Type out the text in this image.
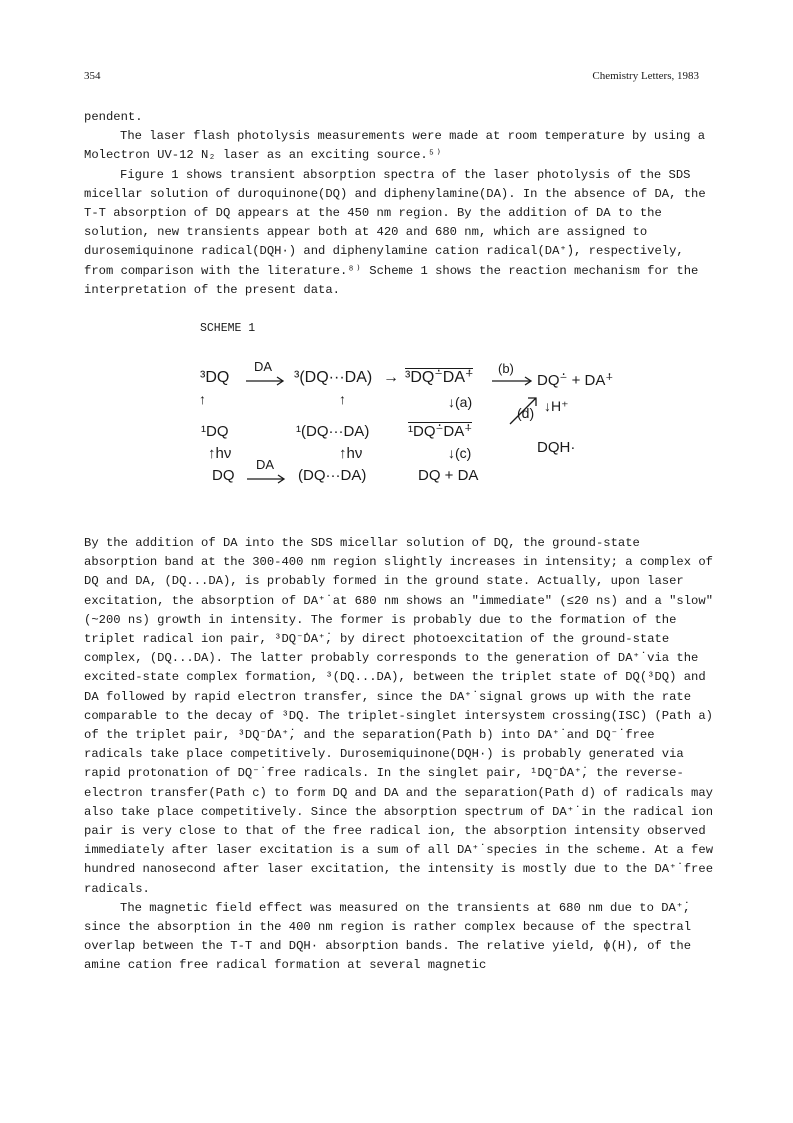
354	Chemistry Letters, 1983

pendent.

The laser flash photolysis measurements were made at room temperature by using a Molectron UV-12 N₂ laser as an exciting source.⁵⁾

Figure 1 shows transient absorption spectra of the laser photolysis of the SDS micellar solution of duroquinone(DQ) and diphenylamine(DA). In the absence of DA, the T-T absorption of DQ appears at the 450 nm region. By the addition of DA to the solution, new transients appear both at 420 and 680 nm, which are assigned to durosemiquinone radical(DQH·) and diphenylamine cation radical(DA⁺̇), respectively, from comparison with the literature.⁸⁾ Scheme 1 shows the reaction mechanism for the interpretation of the present data.

SCHEME 1
³DQ
DA
³(DQ···DA) → ³DQ⁻̇DA⁺̇
(b)
DQ⁻̇ + DA⁺̇
↑	↑	↓(a)
(d) ↓H⁺
¹DQ	¹(DQ···DA)	¹DQ⁻̇DA⁺̇
DQH·
↑hν	↑hν	↓(c)
DQ
DA
(DQ···DA)	DQ + DA

By the addition of DA into the SDS micellar solution of DQ, the ground-state absorption band at the 300-400 nm region slightly increases in intensity; a complex of DQ and DA, (DQ...DA), is probably formed in the ground state. Actually, upon laser excitation, the absorption of DA⁺̇ at 680 nm shows an "immediate" (≤20 ns) and a "slow" (~200 ns) growth in intensity. The former is probably due to the formation of the triplet radical ion pair, ³DQ⁻̇DA⁺̇, by direct photoexcitation of the ground-state complex, (DQ...DA). The latter probably corresponds to the generation of DA⁺̇ via the excited-state complex formation, ³(DQ...DA), between the triplet state of DQ(³DQ) and DA followed by rapid electron transfer, since the DA⁺̇ signal grows up with the rate comparable to the decay of ³DQ. The triplet-singlet intersystem crossing(ISC) (Path a) of the triplet pair, ³DQ⁻̇DA⁺̇, and the separation(Path b) into DA⁺̇ and DQ⁻̇ free radicals take place competitively. Durosemiquinone(DQH·) is probably generated via rapid protonation of DQ⁻̇ free radicals. In the singlet pair, ¹DQ⁻̇DA⁺̇, the reverse-electron transfer(Path c) to form DQ and DA and the separation(Path d) of radicals may also take place competitively. Since the absorption spectrum of DA⁺̇ in the radical ion pair is very close to that of the free radical ion, the absorption intensity observed immediately after laser excitation is a sum of all DA⁺̇ species in the scheme. At a few hundred nanosecond after laser excitation, the intensity is mostly due to the DA⁺̇ free radicals.

The magnetic field effect was measured on the transients at 680 nm due to DA⁺̇, since the absorption in the 400 nm region is rather complex because of the spectral overlap between the T-T and DQH· absorption bands. The relative yield, ϕ(H), of the amine cation free radical formation at several magnetic
